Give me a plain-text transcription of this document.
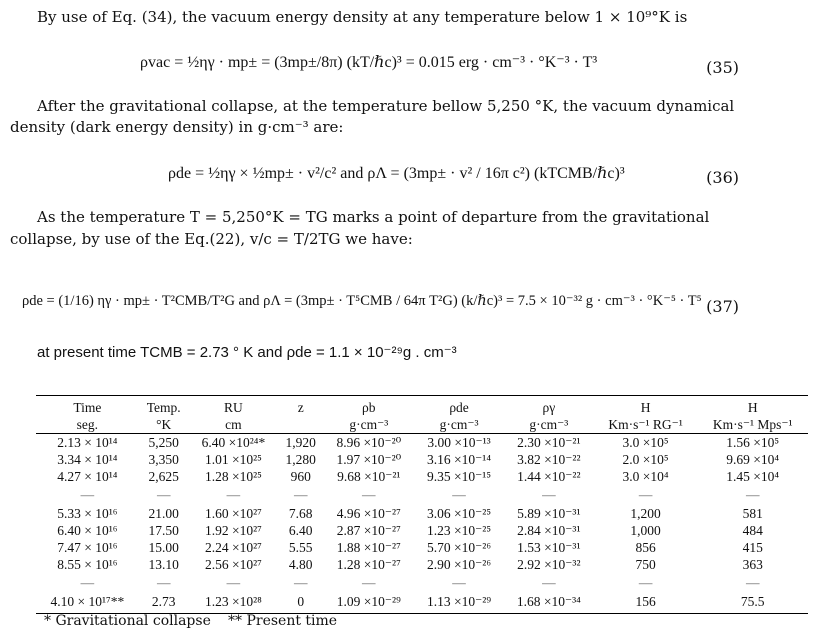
By use of Eq. (34), the vacuum energy density at any temperature below 1 × 10⁹°K is
ρvac = ½ηγ · mp± = (3mp±/8π) (kT/ℏc)³ = 0.015 erg · cm⁻³ · °K⁻³ · T³	(35)
After the gravitational collapse, at the temperature bellow 5,250 °K, the vacuum dynamical
density (dark energy density) in g·cm⁻³ are:
ρde = ½ηγ × ½mp± · v²/c² and ρΛ = (3mp± · v² / 16π c²) (kTCMB/ℏc)³	(36)
As the temperature T = 5,250°K = TG marks a point of departure from the gravitational
collapse, by use of the Eq.(22), v/c = T/2TG we have:
ρde = (1/16) ηγ · mp± · T²CMB/T²G and ρΛ = (3mp± · T⁵CMB / 64π T²G) (k/ℏc)³ = 7.5 × 10⁻³² g · cm⁻³ · °K⁻⁵ · T⁵ (37)
at present time TCMB = 2.73 ° K and ρde = 1.1 × 10⁻²⁹g . cm⁻³
Time	Temp.	RU	z	ρb	ρde	ργ	H	H
seg.	°K	cm		g·cm⁻³	g·cm⁻³	g·cm⁻³	Km·s⁻¹ RG⁻¹	Km·s⁻¹ Mps⁻¹
2.13 × 10¹⁴	5,250	6.40 ×10²⁴*	1,920	8.96 ×10⁻²⁰	3.00 ×10⁻¹³	2.30 ×10⁻²¹	3.0 ×10⁵	1.56 ×10⁵
3.34 × 10¹⁴	3,350	1.01 ×10²⁵	1,280	1.97 ×10⁻²⁰	3.16 ×10⁻¹⁴	3.82 ×10⁻²²	2.0 ×10⁵	9.69 ×10⁴
4.27 × 10¹⁴	2,625	1.28 ×10²⁵	960	9.68 ×10⁻²¹	9.35 ×10⁻¹⁵	1.44 ×10⁻²²	3.0 ×10⁴	1.45 ×10⁴
—	—	—	—	—	—	—	—	—
5.33 × 10¹⁶	21.00	1.60 ×10²⁷	7.68	4.96 ×10⁻²⁷	3.06 ×10⁻²⁵	5.89 ×10⁻³¹	1,200	581
6.40 × 10¹⁶	17.50	1.92 ×10²⁷	6.40	2.87 ×10⁻²⁷	1.23 ×10⁻²⁵	2.84 ×10⁻³¹	1,000	484
7.47 × 10¹⁶	15.00	2.24 ×10²⁷	5.55	1.88 ×10⁻²⁷	5.70 ×10⁻²⁶	1.53 ×10⁻³¹	856	415
8.55 × 10¹⁶	13.10	2.56 ×10²⁷	4.80	1.28 ×10⁻²⁷	2.90 ×10⁻²⁶	2.92 ×10⁻³²	750	363
—	—	—	—	—	—	—	—	—
4.10 × 10¹⁷**	2.73	1.23 ×10²⁸	0	1.09 ×10⁻²⁹	1.13 ×10⁻²⁹	1.68 ×10⁻³⁴	156	75.5
* Gravitational collapse ** Present time
